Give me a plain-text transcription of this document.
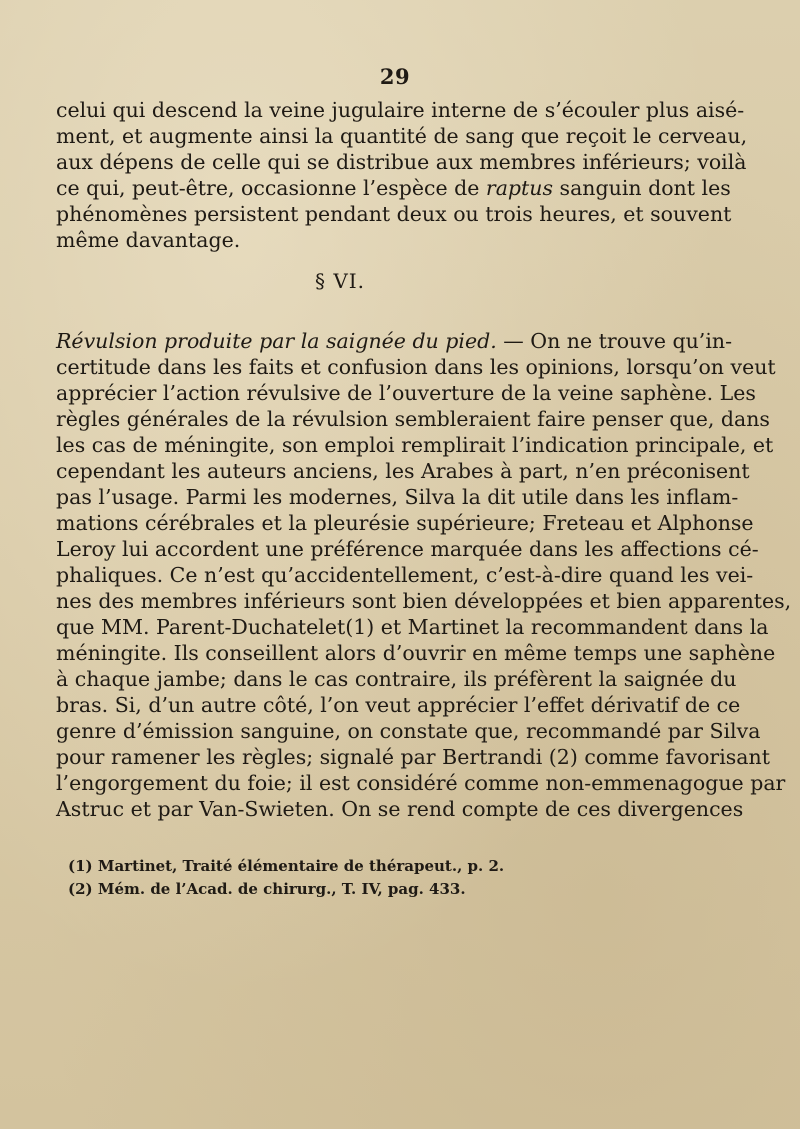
29
celui qui descend la veine jugulaire interne de s’écouler plus aisé-
ment, et augmente ainsi la quantité de sang que reçoit le cerveau,
aux dépens de celle qui se distribue aux membres inférieurs; voilà
ce qui, peut-être, occasionne l’espèce de raptus sanguin dont les
phénomènes persistent pendant deux ou trois heures, et souvent
même davantage.
§ VI.
Révulsion produite par la saignée du pied. — On ne trouve qu’in-
certitude dans les faits et confusion dans les opinions, lorsqu’on veut
apprécier l’action révulsive de l’ouverture de la veine saphène. Les
règles générales de la révulsion sembleraient faire penser que, dans
les cas de méningite, son emploi remplirait l’indication principale, et
cependant les auteurs anciens, les Arabes à part, n’en préconisent
pas l’usage. Parmi les modernes, Silva la dit utile dans les inflam-
mations cérébrales et la pleurésie supérieure; Freteau et Alphonse
Leroy lui accordent une préférence marquée dans les affections cé-
phaliques. Ce n’est qu’accidentellement, c’est-à-dire quand les vei-
nes des membres inférieurs sont bien développées et bien apparentes,
que MM. Parent-Duchatelet(1) et Martinet la recommandent dans la
méningite. Ils conseillent alors d’ouvrir en même temps une saphène
à chaque jambe; dans le cas contraire, ils préfèrent la saignée du
bras. Si, d’un autre côté, l’on veut apprécier l’effet dérivatif de ce
genre d’émission sanguine, on constate que, recommandé par Silva
pour ramener les règles; signalé par Bertrandi (2) comme favorisant
l’engorgement du foie; il est considéré comme non-emmenagogue par
Astruc et par Van-Swieten. On se rend compte de ces divergences
(1) Martinet, Traité élémentaire de thérapeut., p. 2.
(2) Mém. de l’Acad. de chirurg., T. IV, pag. 433.
